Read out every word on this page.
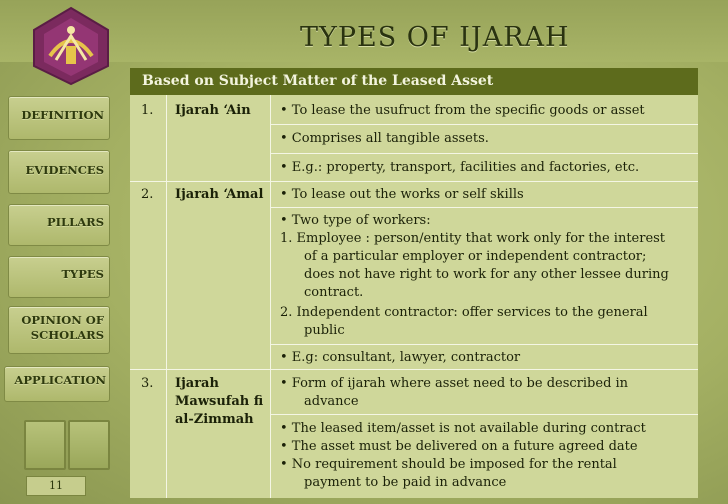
TYPES OF IJARAH
DEFINITION
EVIDENCES
PILLARS
TYPES
OPINION OF
SCHOLARS
APPLICATION
11
Based on Subject Matter of the Leased Asset
1. Ijarah ‘Ain • To lease the usufruct from the specific goods or asset
• Comprises all tangible assets.
• E.g.: property, transport, facilities and factories, etc.
2. Ijarah ‘Amal • To lease out the works or self skills
• Two type of workers:
1. Employee : person/entity that work only for the interest
of a particular employer or independent contractor;
does not have right to work for any other lessee during
contract.
2. Independent contractor: offer services to the general
public
• E.g: consultant, lawyer, contractor
3. Ijarah
Mawsufah fi
al-Zimmah
• Form of ijarah where asset need to be described in
advance
• The leased item/asset is not available during contract
• The asset must be delivered on a future agreed date
• No requirement should be imposed for the rental
payment to be paid in advance
